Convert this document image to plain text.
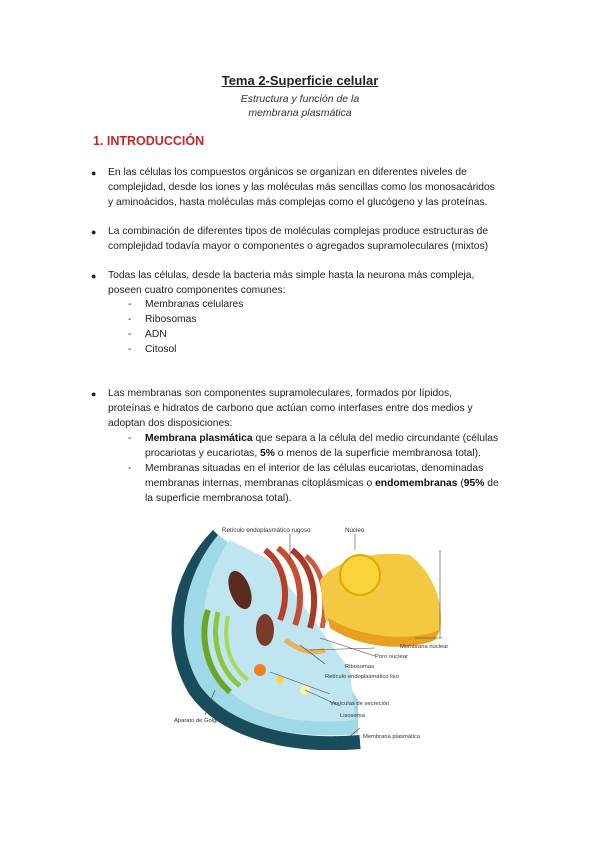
Tema 2-Superficie celular
Estructura y función de la
membrana plasmática
1. INTRODUCCIÓN
● En las células los compuestos orgánicos se organizan en diferentes niveles de
complejidad, desde los iones y las moléculas más sencillas como los monosacáridos
y aminoácidos, hasta moléculas más complejas como el glucógeno y las proteínas.
● La combinación de diferentes tipos de moléculas complejas produce estructuras de
complejidad todavía mayor o componentes o agregados supramoleculares (mixtos)
● Todas las células, desde la bacteria más simple hasta la neurona más compleja,
poseen cuatro componentes comunes:
- Membranas celulares
- Ribosomas
- ADN
- Citosol
● Las membranas son componentes supramoleculares, formados por lípidos,
proteínas e hidratos de carbono que actúan como interfases entre dos medios y
adoptan dos disposiciones:
- Membrana plasmática que separa a la célula del medio circundante (células
procariotas y eucariotas, 5% o menos de la superficie membranosa total).
- Membranas situadas en el interior de las células eucariotas, denominadas
membranas internas, membranas citoplásmicas o endomembranas (95% de
la superficie membranosa total).
Retículo endoplasmático rugoso	Núcleo
Membrana nuclear
Poro nuclear
Ribosomas
Retículo endoplasmático liso
Vesículas de secreción
Lisosoma
Aparato de Golgi
Membrana plasmática
